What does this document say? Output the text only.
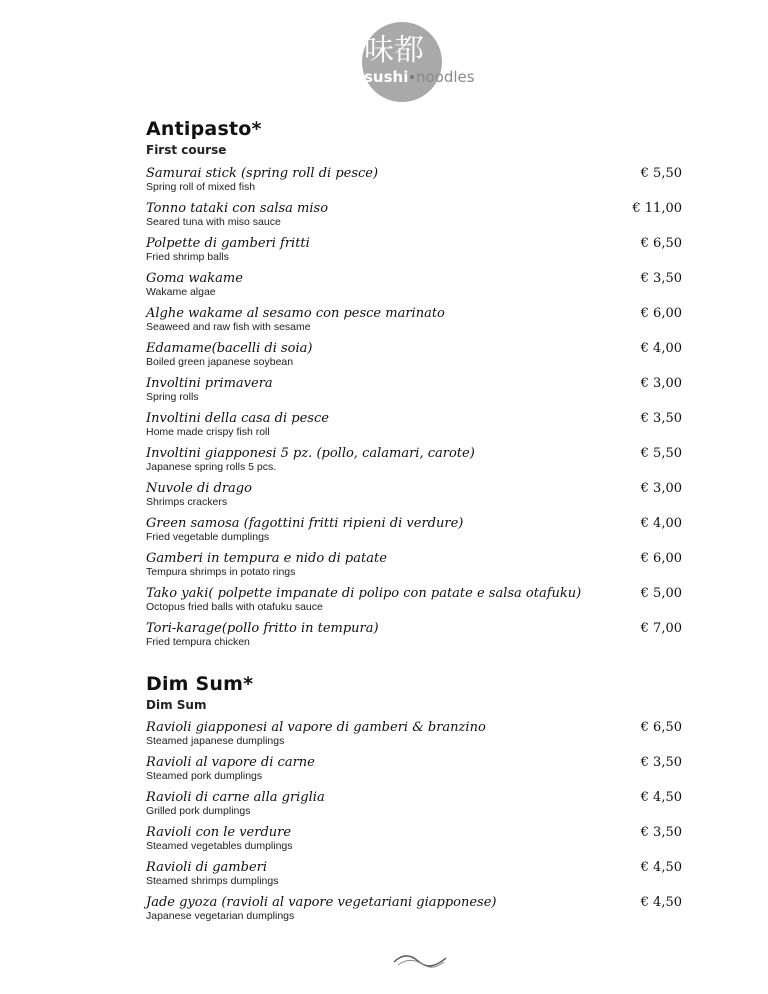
味都
sushi noodles
Antipasto*
First course
Samurai stick (spring roll di pesce)
Spring roll of mixed fish
€ 5,50
Tonno tataki con salsa miso
Seared tuna with miso sauce
€ 11,00
Polpette di gamberi fritti
Fried shrimp balls
€ 6,50
Goma wakame
Wakame algae
€ 3,50
Alghe wakame al sesamo con pesce marinato
Seaweed and raw fish with sesame
€ 6,00
Edamame(bacelli di soia)
Boiled green japanese soybean
€ 4,00
Involtini primavera
Spring rolls
€ 3,00
Involtini della casa di pesce
Home made crispy fish roll
€ 3,50
Involtini giapponesi 5 pz. (pollo, calamari, carote)
Japanese spring rolls 5 pcs.
€ 5,50
Nuvole di drago
Shrimps crackers
€ 3,00
Green samosa (fagottini fritti ripieni di verdure)
Fried vegetable dumplings
€ 4,00
Gamberi in tempura e nido di patate
Tempura shrimps in potato rings
€ 6,00
Tako yaki( polpette impanate di polipo con patate e salsa otafuku)
Octopus fried balls with otafuku sauce
€ 5,00
Tori-karage(pollo fritto in tempura)
Fried tempura chicken
€ 7,00
Dim Sum*
Dim Sum
Ravioli giapponesi al vapore di gamberi & branzino
Steamed japanese dumplings
€ 6,50
Ravioli al vapore di carne
Steamed pork dumplings
€ 3,50
Ravioli di carne alla griglia
Grilled pork dumplings
€ 4,50
Ravioli con le verdure
Steamed vegetables dumplings
€ 3,50
Ravioli di gamberi
Steamed shrimps dumplings
€ 4,50
Jade gyoza (ravioli al vapore vegetariani giapponese)
Japanese vegetarian dumplings
€ 4,50
